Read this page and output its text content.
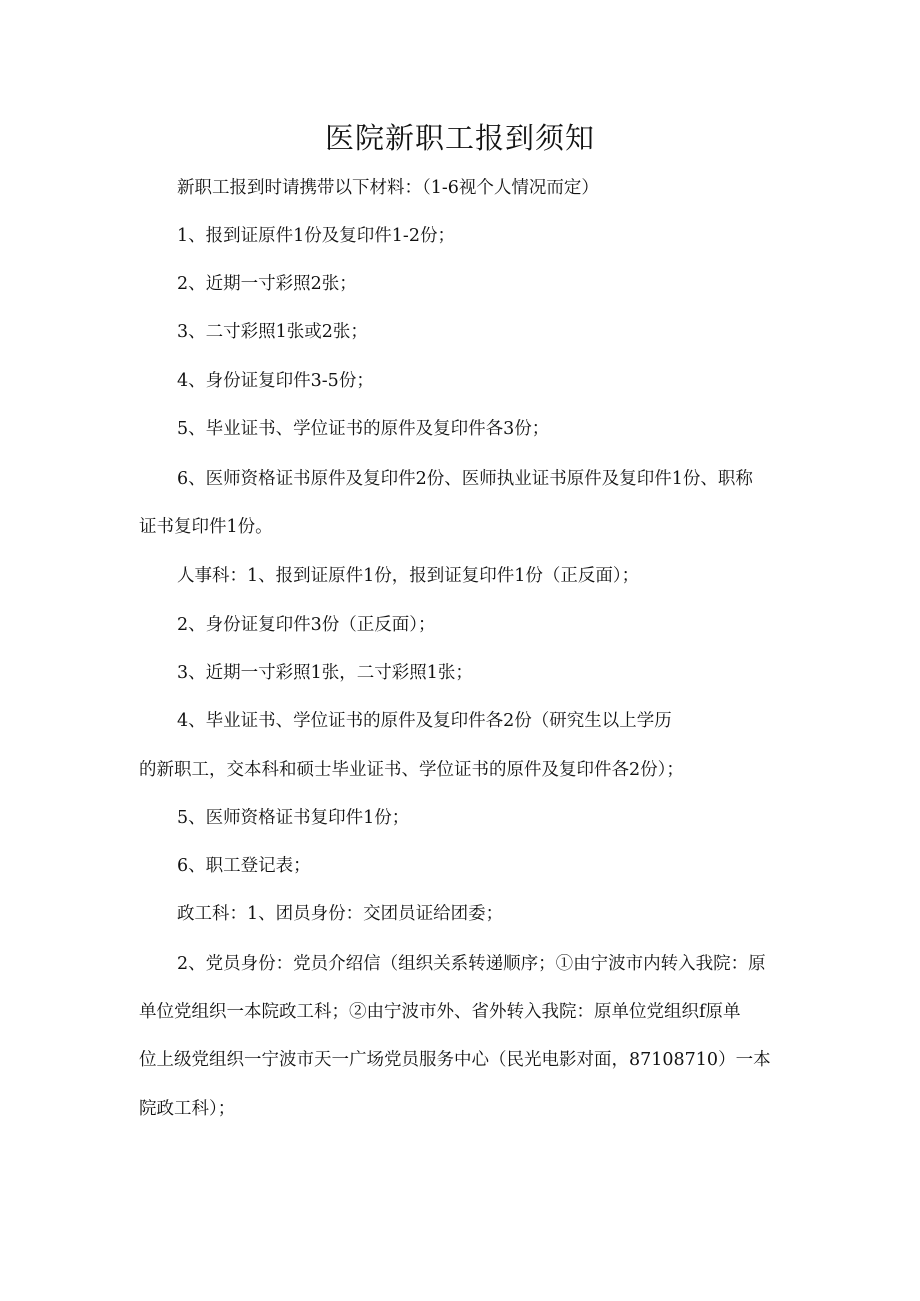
医院新职工报到须知

新职工报到时请携带以下材料：（1-6视个人情况而定）

1、报到证原件1份及复印件1-2份；

2、近期一寸彩照2张；

3、二寸彩照1张或2张；

4、身份证复印件3-5份；

5、毕业证书、学位证书的原件及复印件各3份；

6、医师资格证书原件及复印件2份、医师执业证书原件及复印件1份、职称

证书复印件1份。

人事科：1、报到证原件1份，报到证复印件1份（正反面）；

2、身份证复印件3份（正反面）；

3、近期一寸彩照1张，二寸彩照1张；

4、毕业证书、学位证书的原件及复印件各2份（研究生以上学历

的新职工，交本科和硕士毕业证书、学位证书的原件及复印件各2份）；

5、医师资格证书复印件1份；

6、职工登记表；

政工科：1、团员身份：交团员证给团委；

2、党员身份：党员介绍信（组织关系转递顺序；①由宁波市内转入我院：原

单位党组织一本院政工科；②由宁波市外、省外转入我院：原单位党组织f原单

位上级党组织一宁波市天一广场党员服务中心（民光电影对面，87108710）一本

院政工科）；
